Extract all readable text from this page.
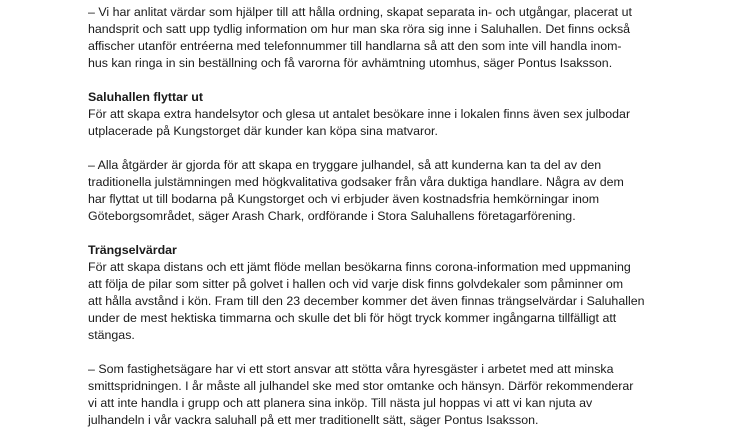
– Vi har anlitat värdar som hjälper till att hålla ordning, skapat separata in- och utgångar, placerat ut
handsprit och satt upp tydlig information om hur man ska röra sig inne i Saluhallen. Det finns också
affischer utanför entréerna med telefonnummer till handlarna så att den som inte vill handla inom-
hus kan ringa in sin beställning och få varorna för avhämtning utomhus, säger Pontus Isaksson.

Saluhallen flyttar ut

För att skapa extra handelsytor och glesa ut antalet besökare inne i lokalen finns även sex julbodar
utplacerade på Kungstorget där kunder kan köpa sina matvaror.

– Alla åtgärder är gjorda för att skapa en tryggare julhandel, så att kunderna kan ta del av den
traditionella julstämningen med högkvalitativa godsaker från våra duktiga handlare. Några av dem
har flyttat ut till bodarna på Kungstorget och vi erbjuder även kostnadsfria hemkörningar inom
Göteborgsområdet, säger Arash Chark, ordförande i Stora Saluhallens företagarförening.

Trängselvärdar

För att skapa distans och ett jämt flöde mellan besökarna finns corona-information med uppmaning
att följa de pilar som sitter på golvet i hallen och vid varje disk finns golvdekaler som påminner om
att hålla avstånd i kön. Fram till den 23 december kommer det även finnas trängselvärdar i Saluhallen
under de mest hektiska timmarna och skulle det bli för högt tryck kommer ingångarna tillfälligt att
stängas.

– Som fastighetsägare har vi ett stort ansvar att stötta våra hyresgäster i arbetet med att minska
smittspridningen. I år måste all julhandel ske med stor omtanke och hänsyn. Därför rekommenderar
vi att inte handla i grupp och att planera sina inköp. Till nästa jul hoppas vi att vi kan njuta av
julhandeln i vår vackra saluhall på ett mer traditionellt sätt, säger Pontus Isaksson.
